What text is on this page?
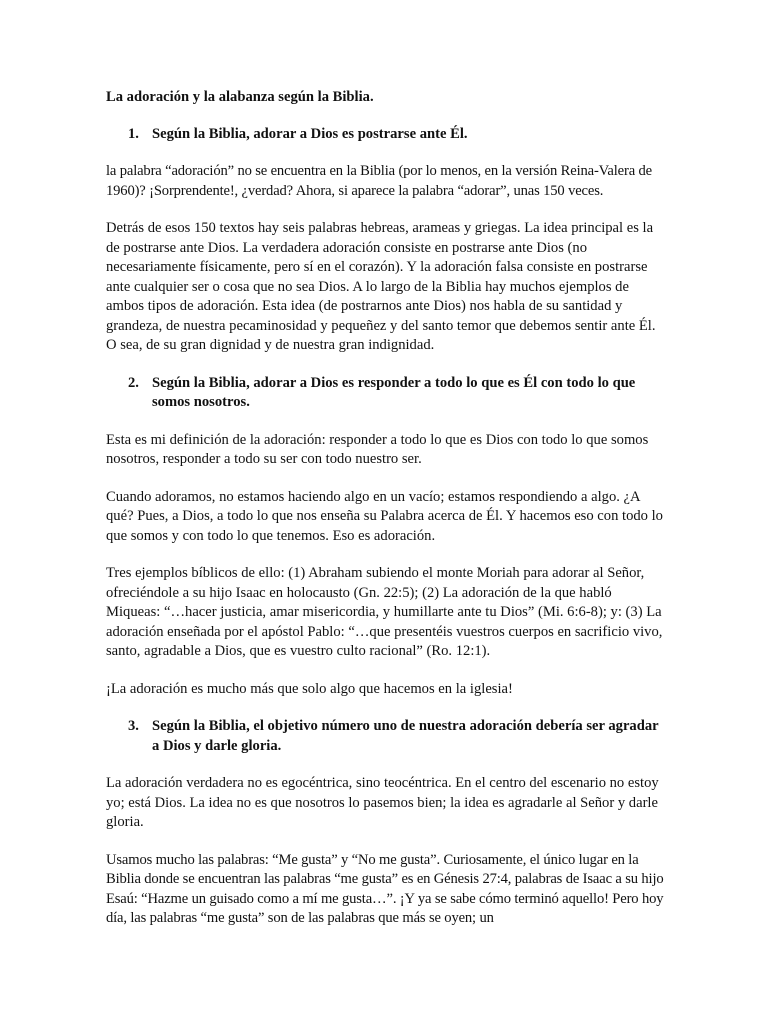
La adoración y la alabanza según la Biblia.
1. Según la Biblia, adorar a Dios es postrarse ante Él.

la palabra “adoración” no se encuentra en la Biblia (por lo menos, en la versión Reina-Valera de 1960)? ¡Sorprendente!, ¿verdad? Ahora, si aparece la palabra “adorar”, unas 150 veces.

Detrás de esos 150 textos hay seis palabras hebreas, arameas y griegas. La idea principal es la de postrarse ante Dios. La verdadera adoración consiste en postrarse ante Dios (no necesariamente físicamente, pero sí en el corazón). Y la adoración falsa consiste en postrarse ante cualquier ser o cosa que no sea Dios. A lo largo de la Biblia hay muchos ejemplos de ambos tipos de adoración. Esta idea (de postrarnos ante Dios) nos habla de su santidad y grandeza, de nuestra pecaminosidad y pequeñez y del santo temor que debemos sentir ante Él. O sea, de su gran dignidad y de nuestra gran indignidad.

2. Según la Biblia, adorar a Dios es responder a todo lo que es Él con todo lo que somos nosotros.

Esta es mi definición de la adoración: responder a todo lo que es Dios con todo lo que somos nosotros, responder a todo su ser con todo nuestro ser.

Cuando adoramos, no estamos haciendo algo en un vacío; estamos respondiendo a algo. ¿A qué? Pues, a Dios, a todo lo que nos enseña su Palabra acerca de Él. Y hacemos eso con todo lo que somos y con todo lo que tenemos. Eso es adoración.

Tres ejemplos bíblicos de ello: (1) Abraham subiendo el monte Moriah para adorar al Señor, ofreciéndole a su hijo Isaac en holocausto (Gn. 22:5); (2) La adoración de la que habló Miqueas: “…hacer justicia, amar misericordia, y humillarte ante tu Dios” (Mi. 6:6-8); y: (3) La adoración enseñada por el apóstol Pablo: “…que presentéis vuestros cuerpos en sacrificio vivo, santo, agradable a Dios, que es vuestro culto racional” (Ro. 12:1).

¡La adoración es mucho más que solo algo que hacemos en la iglesia!

3. Según la Biblia, el objetivo número uno de nuestra adoración debería ser agradar a Dios y darle gloria.

La adoración verdadera no es egocéntrica, sino teocéntrica. En el centro del escenario no estoy yo; está Dios. La idea no es que nosotros lo pasemos bien; la idea es agradarle al Señor y darle gloria.

Usamos mucho las palabras: “Me gusta” y “No me gusta”. Curiosamente, el único lugar en la Biblia donde se encuentran las palabras “me gusta” es en Génesis 27:4, palabras de Isaac a su hijo Esaú: “Hazme un guisado como a mí me gusta…”. ¡Y ya se sabe cómo terminó aquello! Pero hoy día, las palabras “me gusta” son de las palabras que más se oyen; un
